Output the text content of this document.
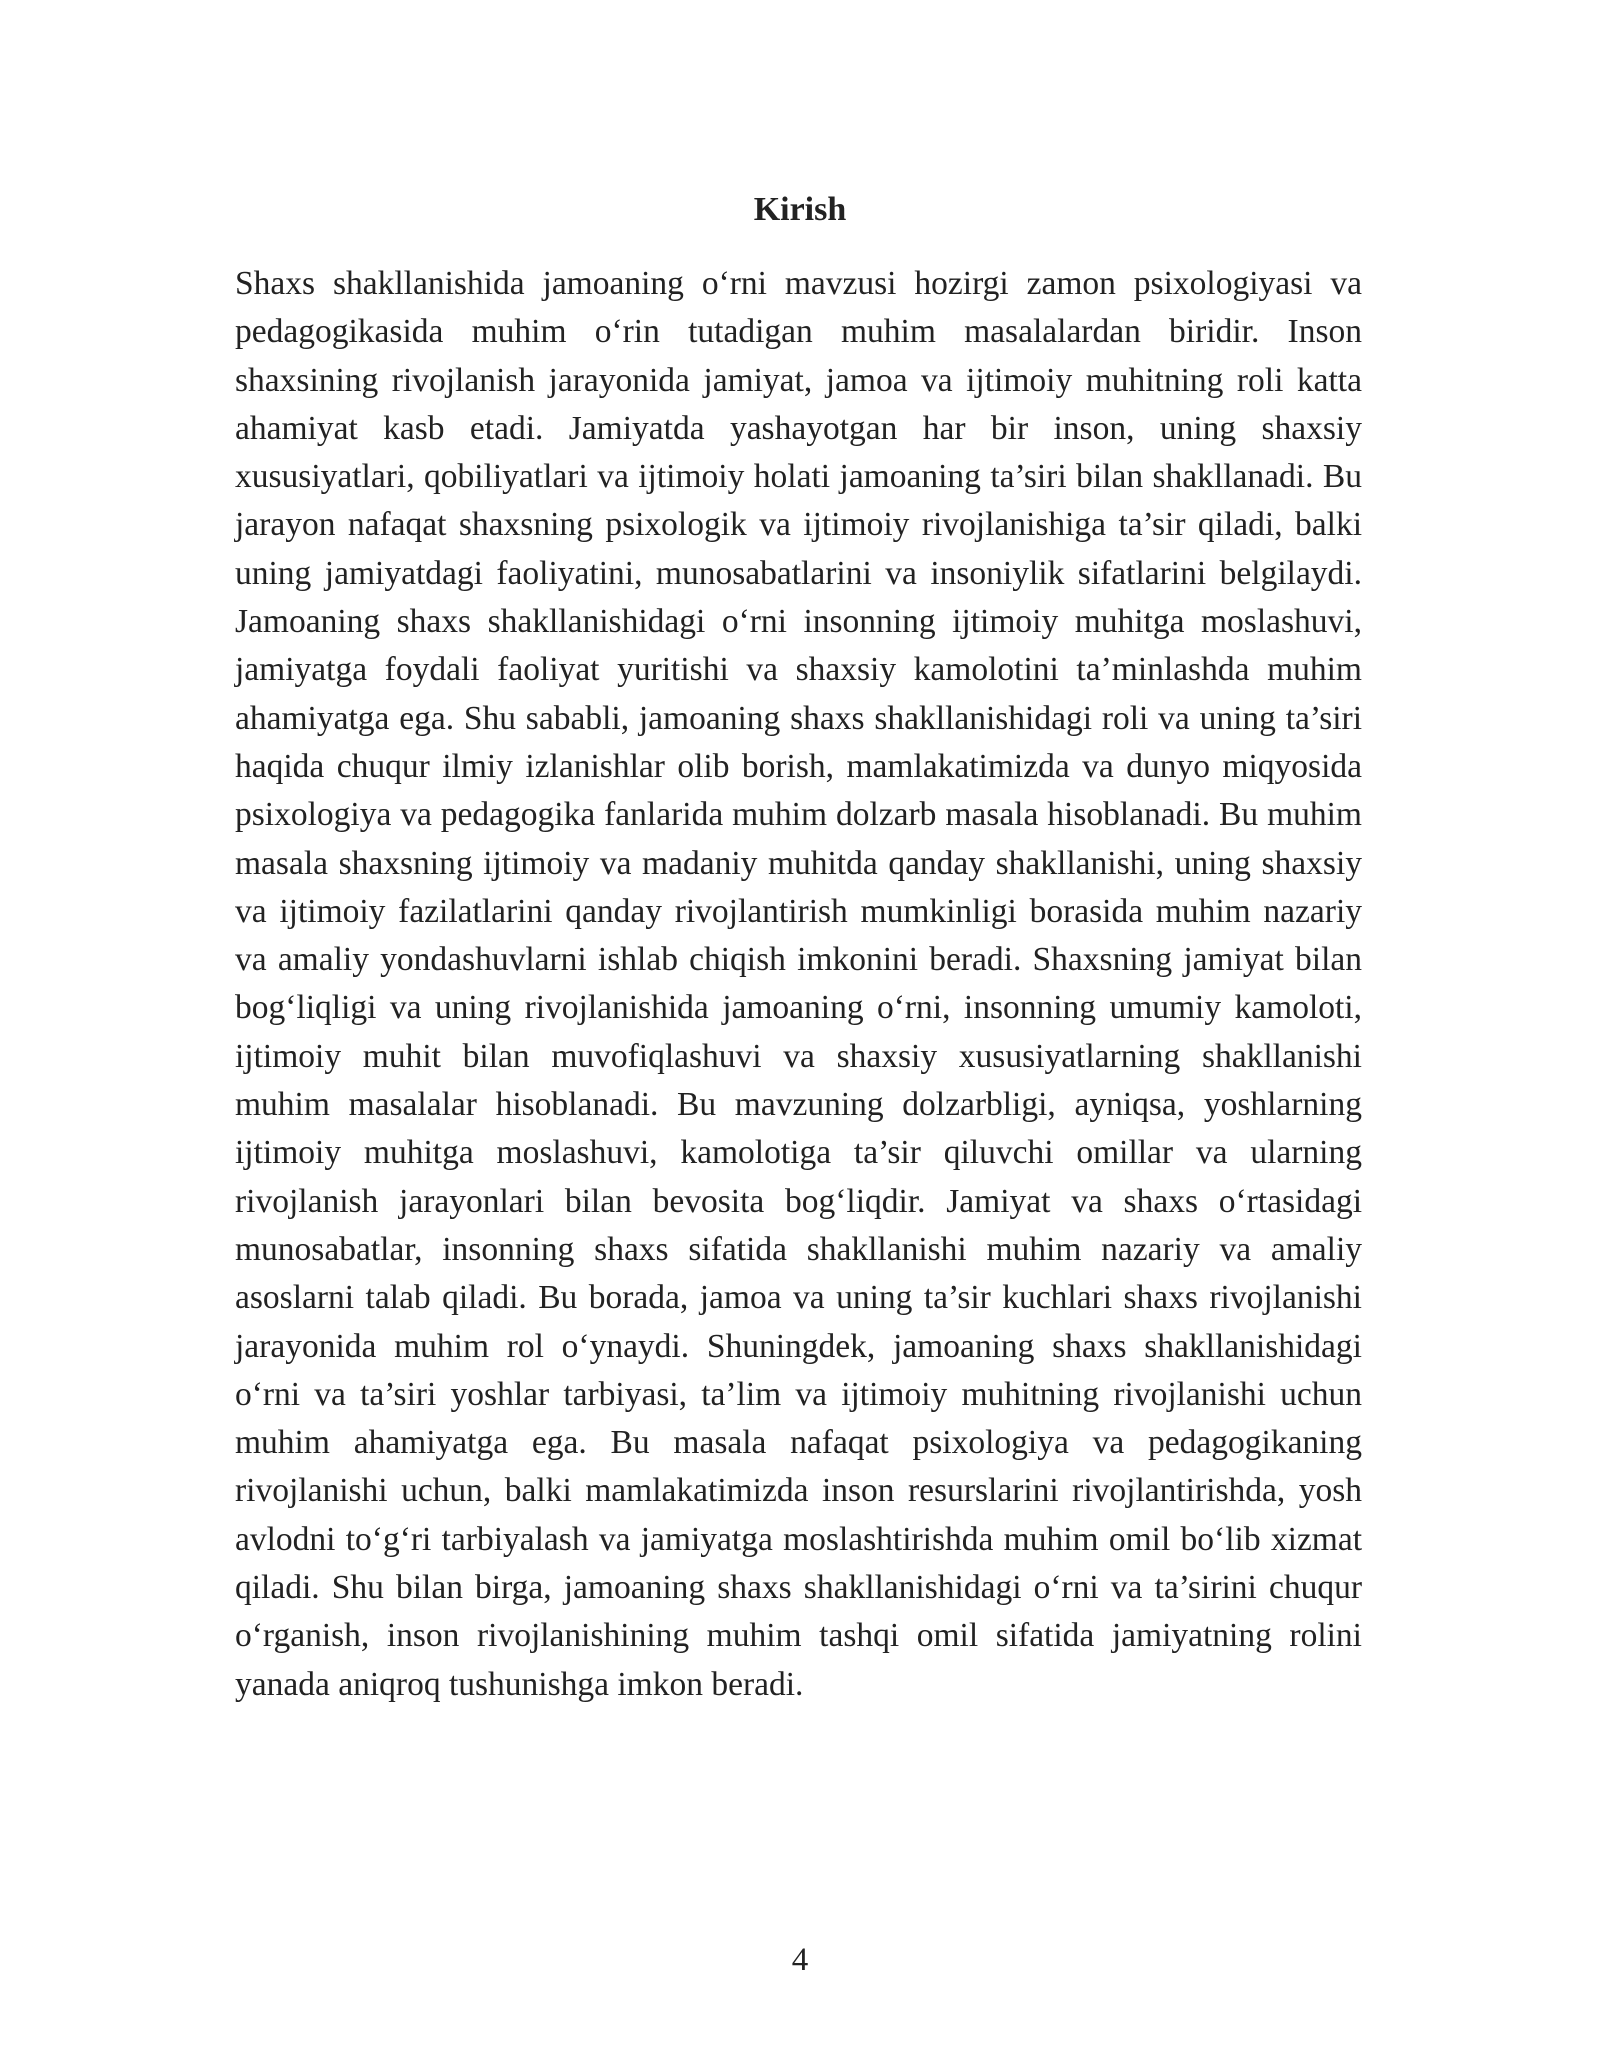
Kirish

Shaxs shakllanishida jamoaning o‘rni mavzusi hozirgi zamon psixologiyasi va pedagogikasida muhim o‘rin tutadigan muhim masalalardan biridir. Inson shaxsining rivojlanish jarayonida jamiyat, jamoa va ijtimoiy muhitning roli katta ahamiyat kasb etadi. Jamiyatda yashayotgan har bir inson, uning shaxsiy xususiyatlari, qobiliyatlari va ijtimoiy holati jamoaning ta’siri bilan shakllanadi. Bu jarayon nafaqat shaxsning psixologik va ijtimoiy rivojlanishiga ta’sir qiladi, balki uning jamiyatdagi faoliyatini, munosabatlarini va insoniylik sifatlarini belgilaydi. Jamoaning shaxs shakllanishidagi o‘rni insonning ijtimoiy muhitga moslashuvi, jamiyatga foydali faoliyat yuritishi va shaxsiy kamolotini ta’minlashda muhim ahamiyatga ega. Shu sababli, jamoaning shaxs shakllanishidagi roli va uning ta’siri haqida chuqur ilmiy izlanishlar olib borish, mamlakatimizda va dunyo miqyosida psixologiya va pedagogika fanlarida muhim dolzarb masala hisoblanadi. Bu muhim masala shaxsning ijtimoiy va madaniy muhitda qanday shakllanishi, uning shaxsiy va ijtimoiy fazilatlarini qanday rivojlantirish mumkinligi borasida muhim nazariy va amaliy yondashuvlarni ishlab chiqish imkonini beradi. Shaxsning jamiyat bilan bog‘liqligi va uning rivojlanishida jamoaning o‘rni, insonning umumiy kamoloti, ijtimoiy muhit bilan muvofiqlashuvi va shaxsiy xususiyatlarning shakllanishi muhim masalalar hisoblanadi. Bu mavzuning dolzarbligi, ayniqsa, yoshlarning ijtimoiy muhitga moslashuvi, kamolotiga ta’sir qiluvchi omillar va ularning rivojlanish jarayonlari bilan bevosita bog‘liqdir. Jamiyat va shaxs o‘rtasidagi munosabatlar, insonning shaxs sifatida shakllanishi muhim nazariy va amaliy asoslarni talab qiladi. Bu borada, jamoa va uning ta’sir kuchlari shaxs rivojlanishi jarayonida muhim rol o‘ynaydi. Shuningdek, jamoaning shaxs shakllanishidagi o‘rni va ta’siri yoshlar tarbiyasi, ta’lim va ijtimoiy muhitning rivojlanishi uchun muhim ahamiyatga ega. Bu masala nafaqat psixologiya va pedagogikaning rivojlanishi uchun, balki mamlakatimizda inson resurslarini rivojlantirishda, yosh avlodni to‘g‘ri tarbiyalash va jamiyatga moslashtirishda muhim omil bo‘lib xizmat qiladi. Shu bilan birga, jamoaning shaxs shakllanishidagi o‘rni va ta’sirini chuqur o‘rganish, inson rivojlanishining muhim tashqi omil sifatida jamiyatning rolini yanada aniqroq tushunishga imkon beradi.

4
